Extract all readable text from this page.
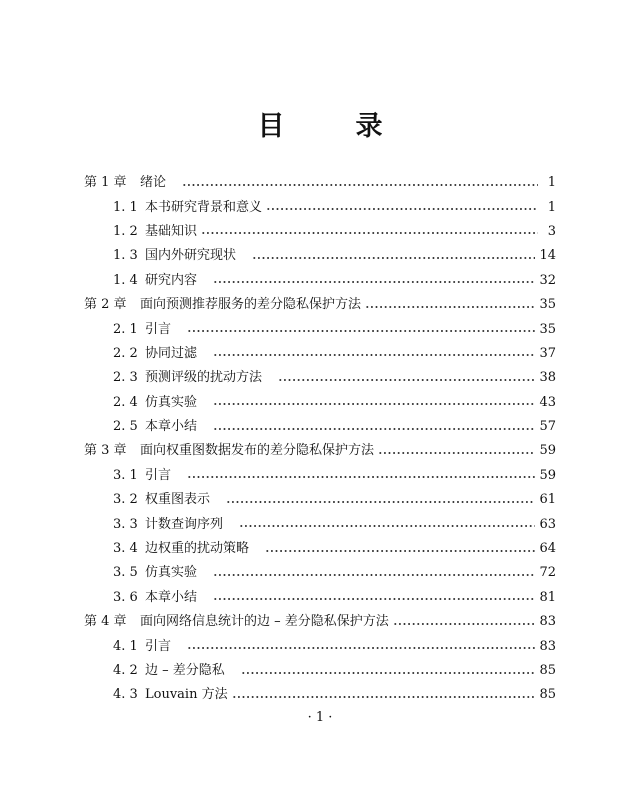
目　录
第 1 章	绪论	1
1. 1 本书研究背景和意义	1
1. 2 基础知识	3
1. 3 国内外研究现状	14
1. 4 研究内容	32
第 2 章	面向预测推荐服务的差分隐私保护方法	35
2. 1 引言	35
2. 2 协同过滤	37
2. 3 预测评级的扰动方法	38
2. 4 仿真实验	43
2. 5 本章小结	57
第 3 章	面向权重图数据发布的差分隐私保护方法	59
3. 1 引言	59
3. 2 权重图表示	61
3. 3 计数查询序列	63
3. 4 边权重的扰动策略	64
3. 5 仿真实验	72
3. 6 本章小结	81
第 4 章	面向网络信息统计的边 – 差分隐私保护方法	83
4. 1 引言	83
4. 2 边 – 差分隐私	85
4. 3 Louvain 方法	85
· 1 ·
